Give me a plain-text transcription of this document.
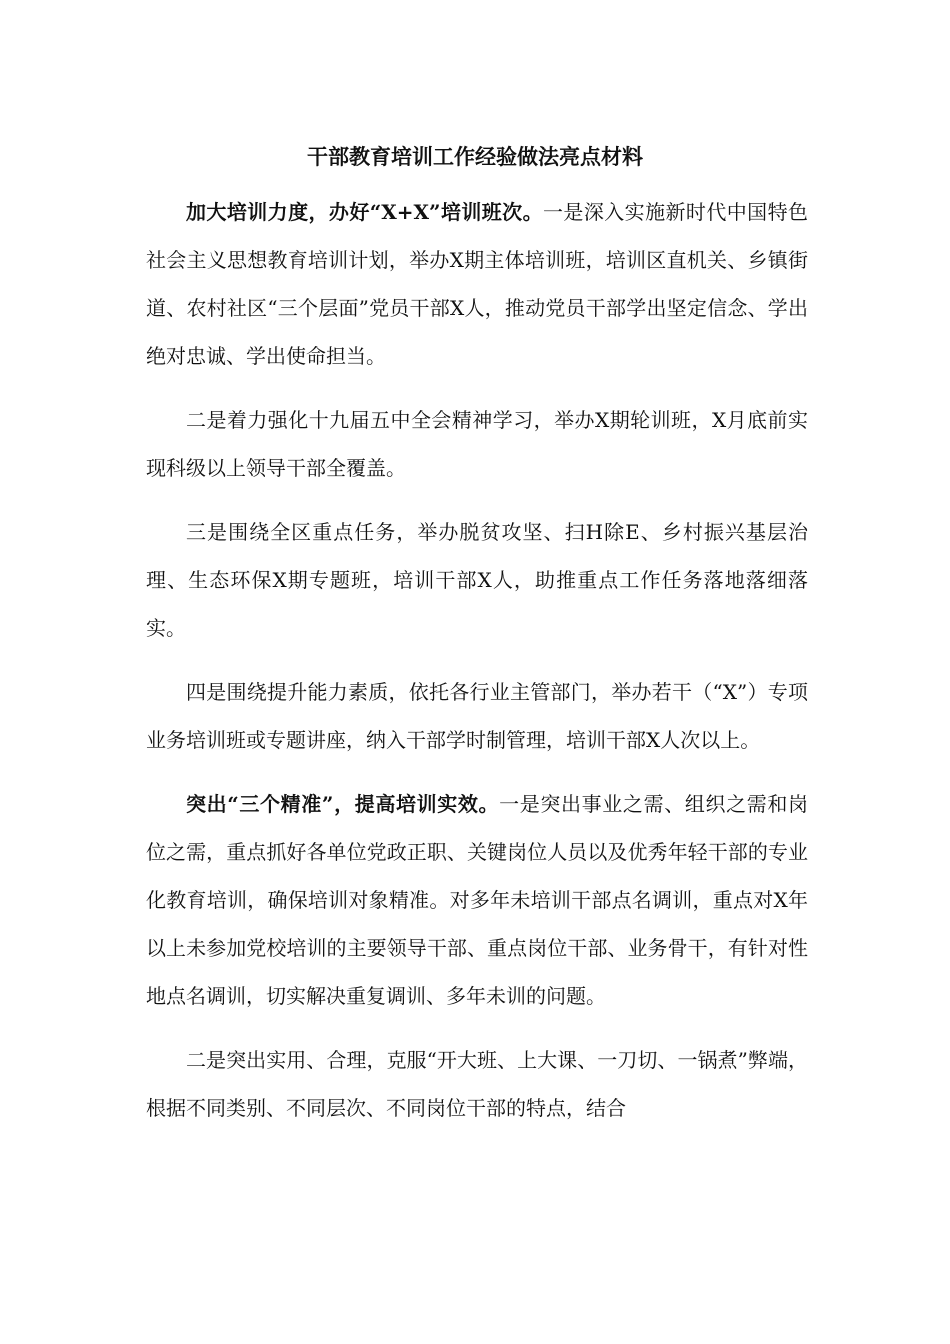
干部教育培训工作经验做法亮点材料

加大培训力度，办好“X+X”培训班次。一是深入实施新时代中国特色社会主义思想教育培训计划，举办X期主体培训班，培训区直机关、乡镇街道、农村社区“三个层面”党员干部X人，推动党员干部学出坚定信念、学出绝对忠诚、学出使命担当。

二是着力强化十九届五中全会精神学习，举办X期轮训班，X月底前实现科级以上领导干部全覆盖。

三是围绕全区重点任务，举办脱贫攻坚、扫H除E、乡村振兴基层治理、生态环保X期专题班，培训干部X人，助推重点工作任务落地落细落实。

四是围绕提升能力素质，依托各行业主管部门，举办若干（“X”）专项业务培训班或专题讲座，纳入干部学时制管理，培训干部X人次以上。

突出“三个精准”，提高培训实效。一是突出事业之需、组织之需和岗位之需，重点抓好各单位党政正职、关键岗位人员以及优秀年轻干部的专业化教育培训，确保培训对象精准。对多年未培训干部点名调训，重点对X年以上未参加党校培训的主要领导干部、重点岗位干部、业务骨干，有针对性地点名调训，切实解决重复调训、多年未训的问题。

二是突出实用、合理，克服“开大班、上大课、一刀切、一锅煮”弊端，根据不同类别、不同层次、不同岗位干部的特点，结合
